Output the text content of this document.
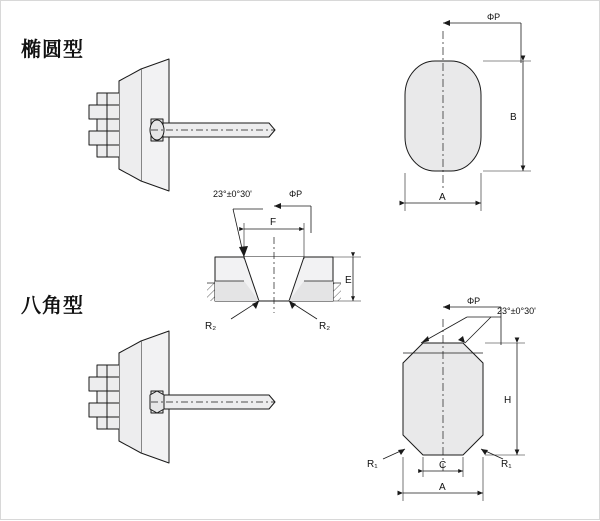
椭圆型
八角型
ΦP
B
A
23°±0°30'	ΦP
F
E
R₂	R₂
ΦP
23°±0°30'
H
C
A
R₁	R₁
